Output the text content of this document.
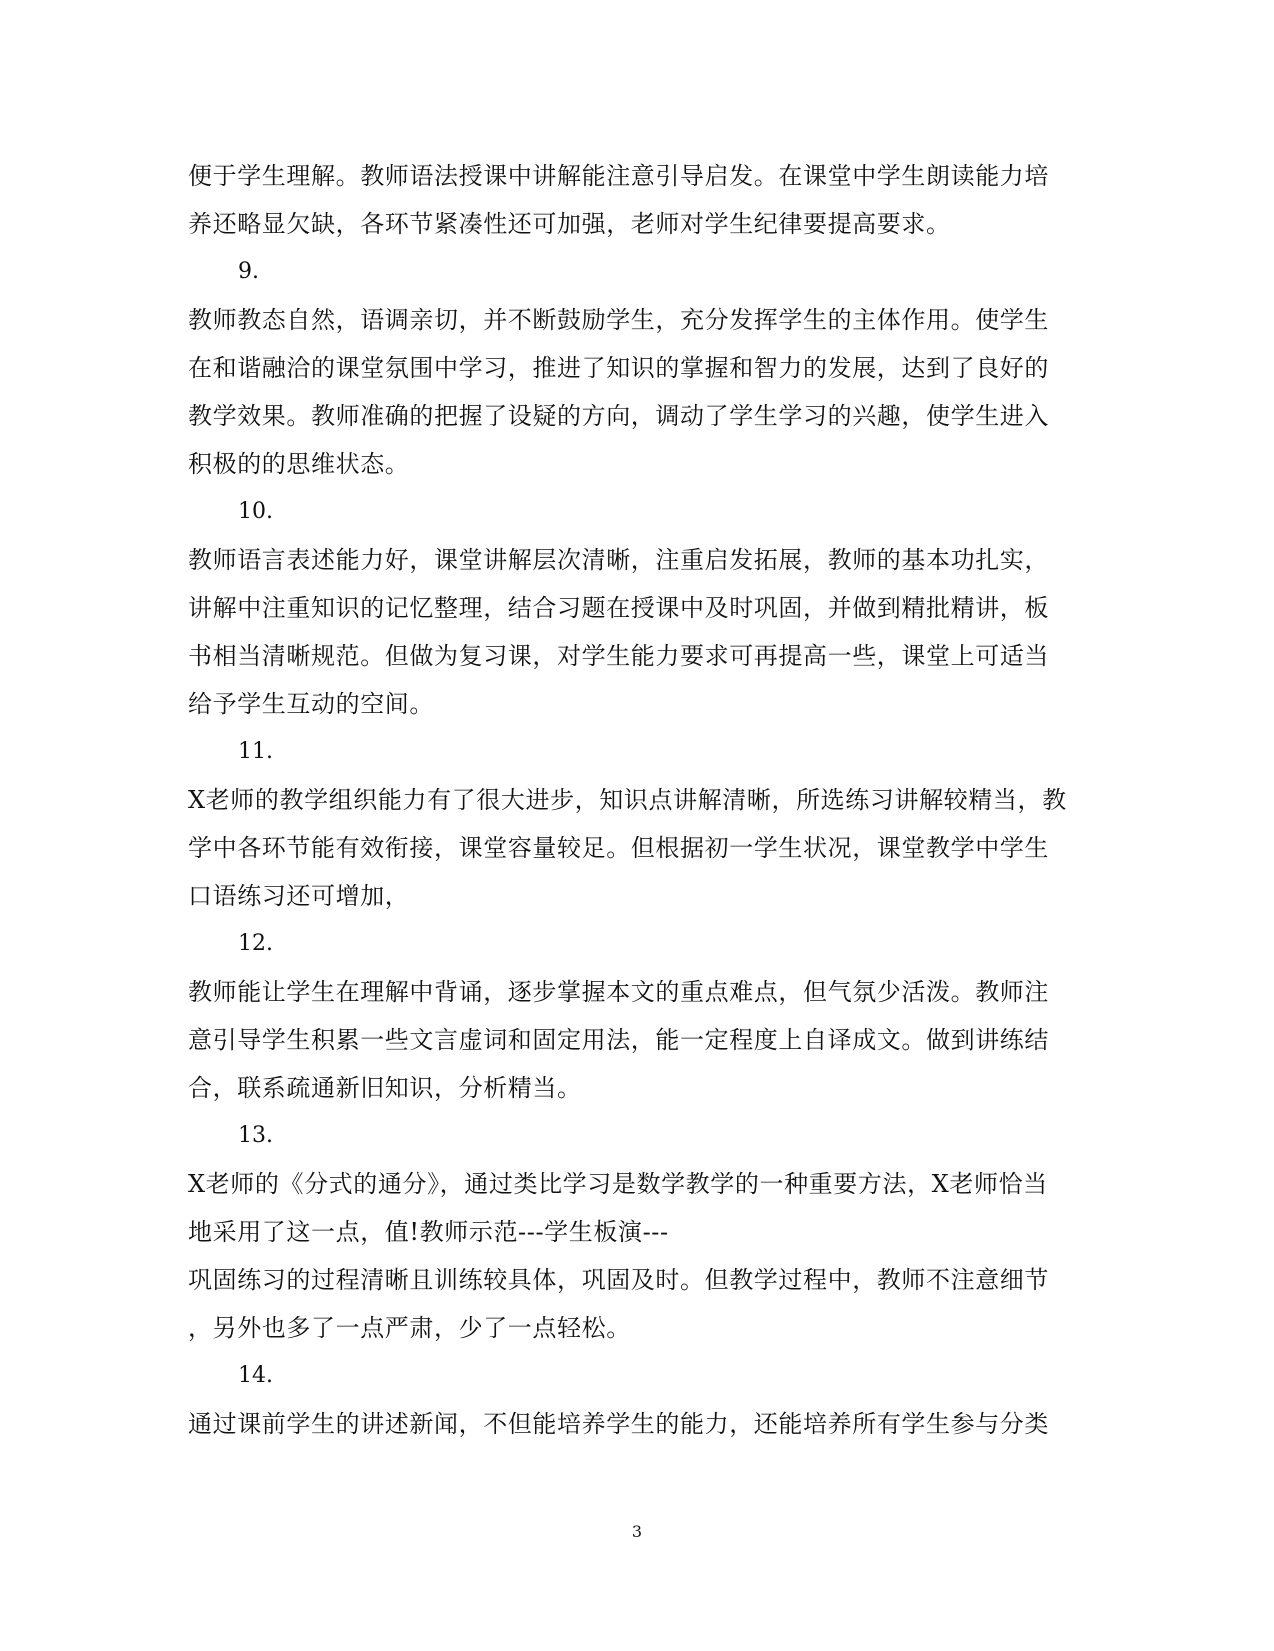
便于学生理解。教师语法授课中讲解能注意引导启发。在课堂中学生朗读能力培
养还略显欠缺，各环节紧凑性还可加强，老师对学生纪律要提高要求。
9.
教师教态自然，语调亲切，并不断鼓励学生，充分发挥学生的主体作用。使学生
在和谐融洽的课堂氛围中学习，推进了知识的掌握和智力的发展，达到了良好的
教学效果。教师准确的把握了设疑的方向，调动了学生学习的兴趣，使学生进入
积极的的思维状态。
10.
教师语言表述能力好，课堂讲解层次清晰，注重启发拓展，教师的基本功扎实，
讲解中注重知识的记忆整理，结合习题在授课中及时巩固，并做到精批精讲，板
书相当清晰规范。但做为复习课，对学生能力要求可再提高一些，课堂上可适当
给予学生互动的空间。
11.
X老师的教学组织能力有了很大进步，知识点讲解清晰，所选练习讲解较精当，教
学中各环节能有效衔接，课堂容量较足。但根据初一学生状况，课堂教学中学生
口语练习还可增加，
12.
教师能让学生在理解中背诵，逐步掌握本文的重点难点，但气氛少活泼。教师注
意引导学生积累一些文言虚词和固定用法，能一定程度上自译成文。做到讲练结
合，联系疏通新旧知识，分析精当。
13.
X老师的《分式的通分》，通过类比学习是数学教学的一种重要方法，X老师恰当
地采用了这一点，值!教师示范---学生板演---
巩固练习的过程清晰且训练较具体，巩固及时。但教学过程中，教师不注意细节
，另外也多了一点严肃，少了一点轻松。
14.
通过课前学生的讲述新闻，不但能培养学生的能力，还能培养所有学生参与分类
3
